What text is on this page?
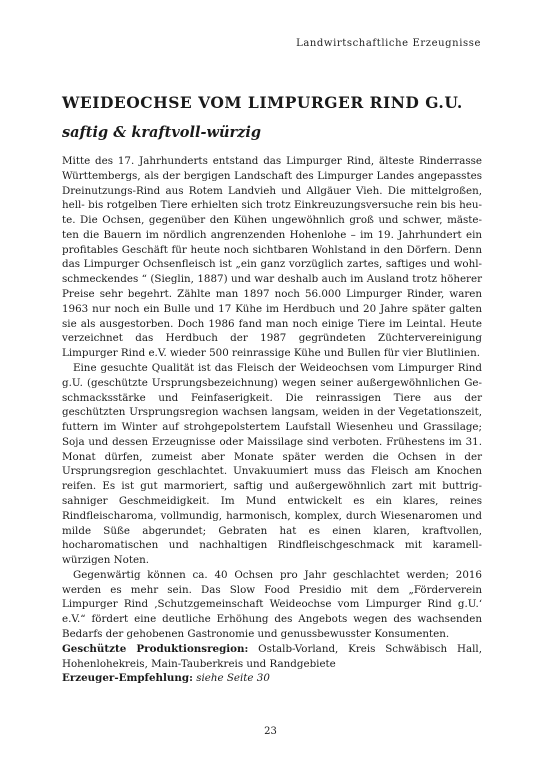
Landwirtschaftliche Erzeugnisse
WEIDEOCHSE VOM LIMPURGER RIND G.U.
saftig & kraftvoll-würzig

Mitte des 17. Jahrhunderts entstand das Limpurger Rind, älteste Rinderrasse Württembergs, als der bergigen Landschaft des Limpurger Landes angepasstes Dreinutzungs-Rind aus Rotem Landvieh und Allgäuer Vieh. Die mittelgroßen, hell- bis rotgelben Tiere erhielten sich trotz Einkreuzungsversuche rein bis heute. Die Ochsen, gegenüber den Kühen ungewöhnlich groß und schwer, mästeten die Bauern im nördlich angrenzenden Hohenlohe – im 19. Jahrhundert ein profitables Geschäft für heute noch sichtbaren Wohlstand in den Dörfern. Denn das Limpurger Ochsenfleisch ist „ein ganz vorzüglich zartes, saftiges und wohlschmeckendes “ (Sieglin, 1887) und war deshalb auch im Ausland trotz höherer Preise sehr begehrt. Zählte man 1897 noch 56.000 Limpurger Rinder, waren 1963 nur noch ein Bulle und 17 Kühe im Herdbuch und 20 Jahre später galten sie als ausgestorben. Doch 1986 fand man noch einige Tiere im Leintal. Heute verzeichnet das Herdbuch der 1987 gegründeten Züchtervereinigung Limpurger Rind e.V. wieder 500 reinrassige Kühe und Bullen für vier Blutlinien.

Eine gesuchte Qualität ist das Fleisch der Weideochsen vom Limpurger Rind g.U. (geschützte Ursprungsbezeichnung) wegen seiner außergewöhnlichen Geschmacksstärke und Feinfaserigkeit. Die reinrassigen Tiere aus der geschützten Ursprungsregion wachsen langsam, weiden in der Vegetationszeit, futtern im Winter auf strohgepolstertem Laufstall Wiesenheu und Grassilage; Soja und dessen Erzeugnisse oder Maissilage sind verboten. Frühestens im 31. Monat dürfen, zumeist aber Monate später werden die Ochsen in der Ursprungsregion geschlachtet. Unvakuumiert muss das Fleisch am Knochen reifen. Es ist gut marmoriert, saftig und außergewöhnlich zart mit buttrig-sahniger Geschmeidigkeit. Im Mund entwickelt es ein klares, reines Rindfleischaroma, vollmundig, harmonisch, komplex, durch Wiesenaromen und milde Süße abgerundet; Gebraten hat es einen klaren, kraftvollen, hocharomatischen und nachhaltigen Rindfleischgeschmack mit karamell-würzigen Noten.

Gegenwärtig können ca. 40 Ochsen pro Jahr geschlachtet werden; 2016 werden es mehr sein. Das Slow Food Presidio mit dem „Förderverein Limpurger Rind ‚Schutzgemeinschaft Weideochse vom Limpurger Rind g.U.‘ e.V.“ fördert eine deutliche Erhöhung des Angebots wegen des wachsenden Bedarfs der gehobenen Gastronomie und genussbewusster Konsumenten.

Geschützte Produktionsregion: Ostalb-Vorland, Kreis Schwäbisch Hall, Hohenlohekreis, Main-Tauberkreis und Randgebiete

Erzeuger-Empfehlung: siehe Seite 30

23
